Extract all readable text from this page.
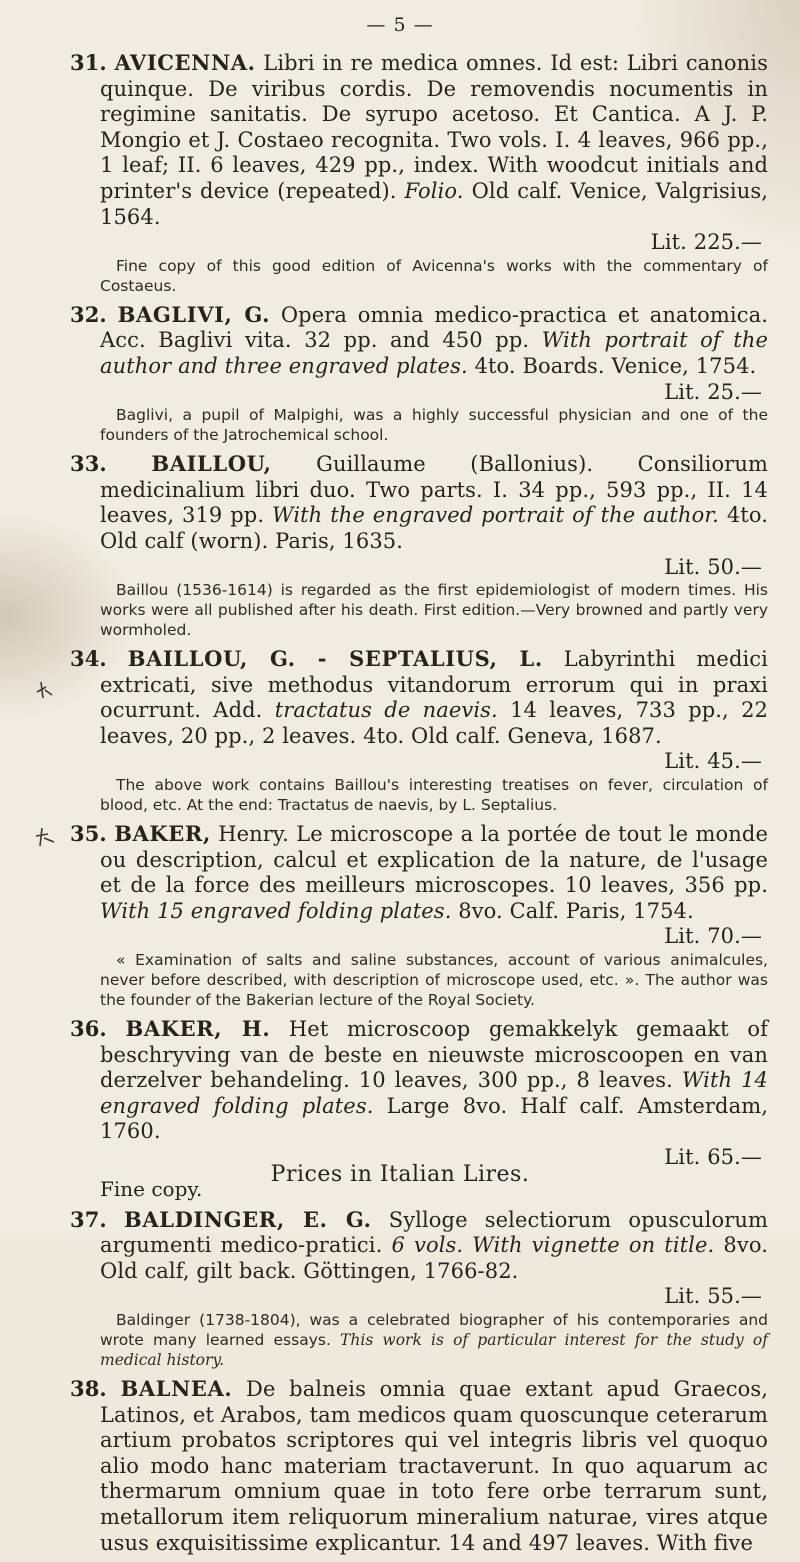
— 5 —
31. AVICENNA. Libri in re medica omnes. Id est: Libri canonis quinque. De viribus cordis. De removendis nocumentis in regimine sanitatis. De syrupo acetoso. Et Cantica. A J. P. Mongio et J. Costaeo recognita. Two vols. I. 4 leaves, 966 pp., 1 leaf; II. 6 leaves, 429 pp., index. With woodcut initials and printer's device (repeated). Folio. Old calf. Venice, Valgrisius, 1564.
Lit. 225.—
Fine copy of this good edition of Avicenna's works with the commentary of Costaeus.
32. BAGLIVI, G. Opera omnia medico-practica et anatomica. Acc. Baglivi vita. 32 pp. and 450 pp. With portrait of the author and three engraved plates. 4to. Boards. Venice, 1754.
Lit. 25.—
Baglivi, a pupil of Malpighi, was a highly successful physician and one of the founders of the Jatrochemical school.
33. BAILLOU, Guillaume (Ballonius). Consiliorum medicinalium libri duo. Two parts. I. 34 pp., 593 pp., II. 14 leaves, 319 pp. With the engraved portrait of the author. 4to. Old calf (worn). Paris, 1635.
Lit. 50.—
Baillou (1536-1614) is regarded as the first epidemiologist of modern times. His works were all published after his death. First edition.—Very browned and partly very wormholed.
34. BAILLOU, G. - SEPTALIUS, L. Labyrinthi medici extricati, sive methodus vitandorum errorum qui in praxi ocurrunt. Add. tractatus de naevis. 14 leaves, 733 pp., 22 leaves, 20 pp., 2 leaves. 4to. Old calf. Geneva, 1687.
Lit. 45.—
The above work contains Baillou's interesting treatises on fever, circulation of blood, etc. At the end: Tractatus de naevis, by L. Septalius.
35. BAKER, Henry. Le microscope a la portée de tout le monde ou description, calcul et explication de la nature, de l'usage et de la force des meilleurs microscopes. 10 leaves, 356 pp. With 15 engraved folding plates. 8vo. Calf. Paris, 1754.
Lit. 70.—
« Examination of salts and saline substances, account of various animalcules, never before described, with description of microscope used, etc. ». The author was the founder of the Bakerian lecture of the Royal Society.
36. BAKER, H. Het microscoop gemakkelyk gemaakt of beschryving van de beste en nieuwste microscoopen en van derzelver behandeling. 10 leaves, 300 pp., 8 leaves. With 14 engraved folding plates. Large 8vo. Half calf. Amsterdam, 1760.
Lit. 65.—
Fine copy.
37. BALDINGER, E. G. Sylloge selectiorum opusculorum argumenti medico-pratici. 6 vols. With vignette on title. 8vo. Old calf, gilt back. Göttingen, 1766-82.
Lit. 55.—
Baldinger (1738-1804), was a celebrated biographer of his contemporaries and wrote many learned essays. This work is of particular interest for the study of medical history.
38. BALNEA. De balneis omnia quae extant apud Graecos, Latinos, et Arabos, tam medicos quam quoscunque ceterarum artium probatos scriptores qui vel integris libris vel quoquo alio modo hanc materiam tractaverunt. In quo aquarum ac thermarum omnium quae in toto fere orbe terrarum sunt, metallorum item reliquorum mineralium naturae, vires atque usus exquisitissime explicantur. 14 and 497 leaves. With five
Prices in Italian Lires.
